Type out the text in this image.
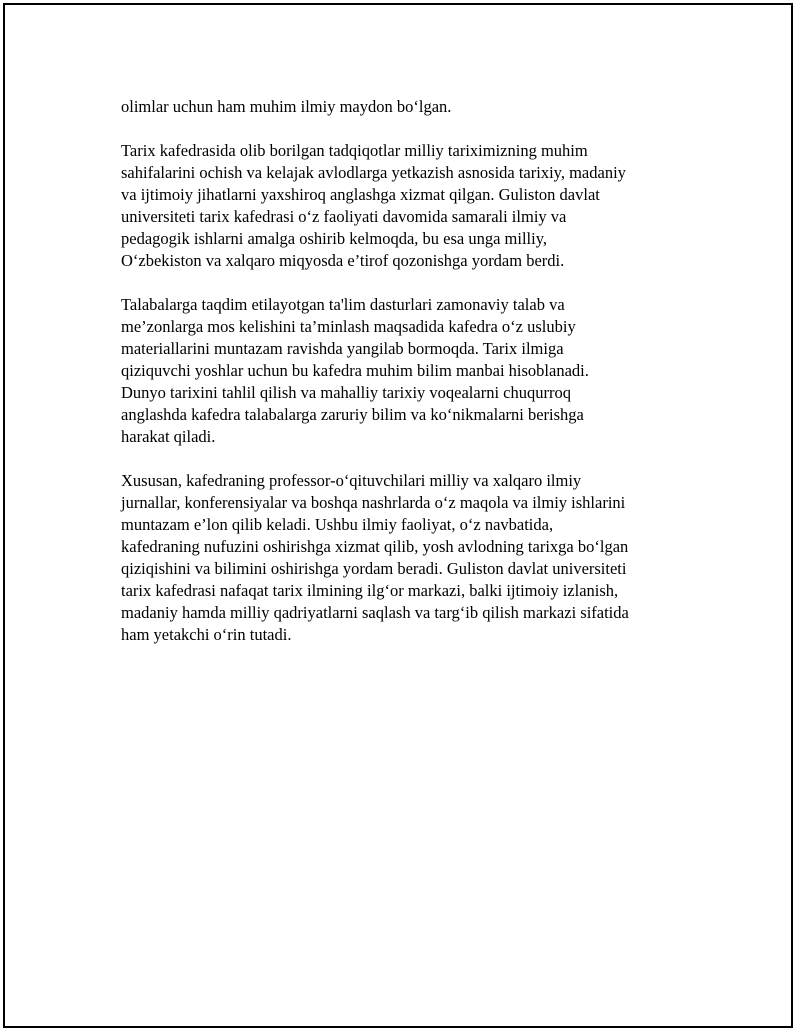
olimlar uchun ham muhim ilmiy maydon bo‘lgan.

Tarix kafedrasida olib borilgan tadqiqotlar milliy tariximizning muhim
sahifalarini ochish va kelajak avlodlarga yetkazish asnosida tarixiy, madaniy
va ijtimoiy jihatlarni yaxshiroq anglashga xizmat qilgan. Guliston davlat
universiteti tarix kafedrasi o‘z faoliyati davomida samarali ilmiy va
pedagogik ishlarni amalga oshirib kelmoqda, bu esa unga milliy,
O‘zbekiston va xalqaro miqyosda e’tirof qozonishga yordam berdi.

Talabalarga taqdim etilayotgan ta'lim dasturlari zamonaviy talab va
me’zonlarga mos kelishini ta’minlash maqsadida kafedra o‘z uslubiy
materiallarini muntazam ravishda yangilab bormoqda. Tarix ilmiga
qiziquvchi yoshlar uchun bu kafedra muhim bilim manbai hisoblanadi.
Dunyo tarixini tahlil qilish va mahalliy tarixiy voqealarni chuqurroq
anglashda kafedra talabalarga zaruriy bilim va ko‘nikmalarni berishga
harakat qiladi.

Xususan, kafedraning professor-o‘qituvchilari milliy va xalqaro ilmiy
jurnallar, konferensiyalar va boshqa nashrlarda o‘z maqola va ilmiy ishlarini
muntazam e’lon qilib keladi. Ushbu ilmiy faoliyat, o‘z navbatida,
kafedraning nufuzini oshirishga xizmat qilib, yosh avlodning tarixga bo‘lgan
qiziqishini va bilimini oshirishga yordam beradi. Guliston davlat universiteti
tarix kafedrasi nafaqat tarix ilmining ilg‘or markazi, balki ijtimoiy izlanish,
madaniy hamda milliy qadriyatlarni saqlash va targ‘ib qilish markazi sifatida
ham yetakchi o‘rin tutadi.
